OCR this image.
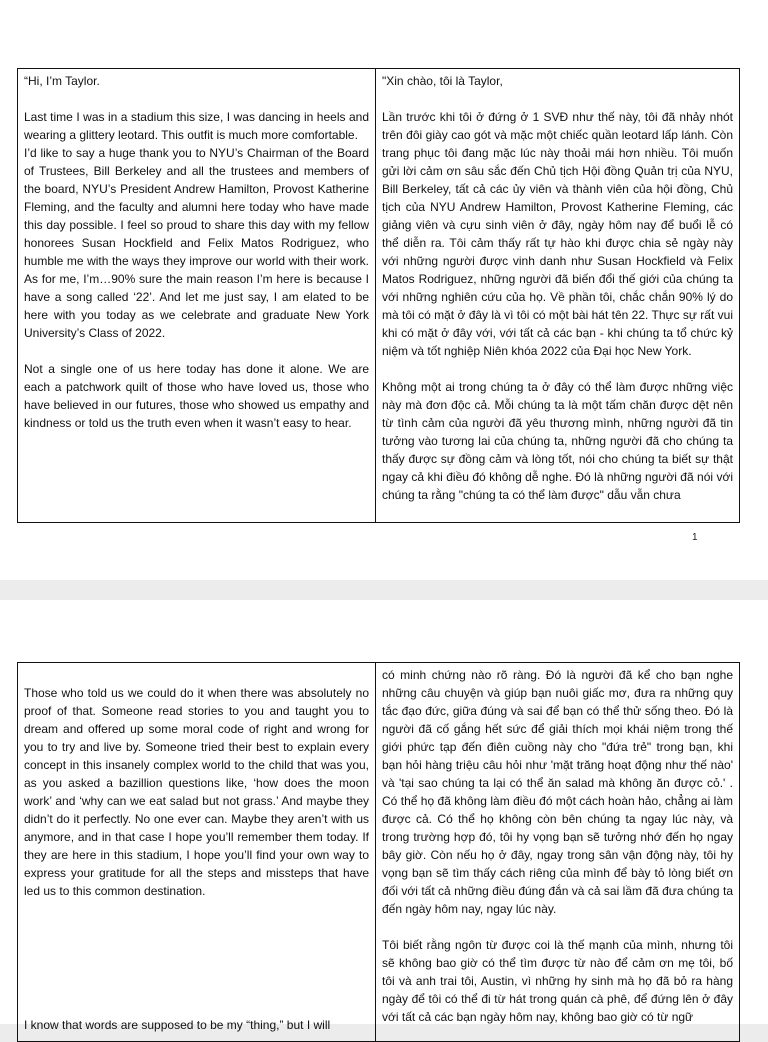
“Hi, I’m Taylor.

Last time I was in a stadium this size, I was dancing in heels and wearing a glittery leotard. This outfit is much more comfortable.

I’d like to say a huge thank you to NYU’s Chairman of the Board of Trustees, Bill Berkeley and all the trustees and members of the board, NYU’s President Andrew Hamilton, Provost Katherine Fleming, and the faculty and alumni here today who have made this day possible. I feel so proud to share this day with my fellow honorees Susan Hockfield and Felix Matos Rodriguez, who humble me with the ways they improve our world with their work. As for me, I’m…90% sure the main reason I’m here is because I have a song called ‘22’. And let me just say, I am elated to be here with you today as we celebrate and graduate New York University’s Class of 2022.

Not a single one of us here today has done it alone. We are each a patchwork quilt of those who have loved us, those who have believed in our futures, those who showed us empathy and kindness or told us the truth even when it wasn’t easy to hear.

"Xin chào, tôi là Taylor,

Lần trước khi tôi ở đứng ở 1 SVĐ như thế này, tôi đã nhảy nhót trên đôi giày cao gót và mặc một chiếc quần leotard lấp lánh. Còn trang phục tôi đang mặc lúc này thoải mái hơn nhiều. Tôi muốn gửi lời cảm ơn sâu sắc đến Chủ tịch Hội đồng Quản trị của NYU, Bill Berkeley, tất cả các ủy viên và thành viên của hội đồng, Chủ tịch của NYU Andrew Hamilton, Provost Katherine Fleming, các giảng viên và cựu sinh viên ở đây, ngày hôm nay để buổi lễ có thể diễn ra. Tôi cảm thấy rất tự hào khi được chia sẻ ngày này với những người được vinh danh như Susan Hockfield và Felix Matos Rodriguez, những người đã biến đổi thế giới của chúng ta với những nghiên cứu của họ. Về phần tôi, chắc chắn 90% lý do mà tôi có mặt ở đây là vì tôi có một bài hát tên 22. Thực sự rất vui khi có mặt ở đây với, với tất cả các bạn - khi chúng ta tổ chức kỷ niệm và tốt nghiệp Niên khóa 2022 của Đại học New York.

Không một ai trong chúng ta ở đây có thể làm được những việc này mà đơn độc cả. Mỗi chúng ta là một tấm chăn được dệt nên từ tình cảm của người đã yêu thương mình, những người đã tin tưởng vào tương lai của chúng ta, những người đã cho chúng ta thấy được sự đồng cảm và lòng tốt, nói cho chúng ta biết sự thật ngay cả khi điều đó không dễ nghe. Đó là những người đã nói với chúng ta rằng "chúng ta có thể làm được" dẫu vẫn chưa

1

Those who told us we could do it when there was absolutely no proof of that. Someone read stories to you and taught you to dream and offered up some moral code of right and wrong for you to try and live by. Someone tried their best to explain every concept in this insanely complex world to the child that was you, as you asked a bazillion questions like, ‘how does the moon work’ and ‘why can we eat salad but not grass.’ And maybe they didn’t do it perfectly. No one ever can. Maybe they aren’t with us anymore, and in that case I hope you’ll remember them today. If they are here in this stadium, I hope you’ll find your own way to express your gratitude for all the steps and missteps that have led us to this common destination.

I know that words are supposed to be my “thing,” but I will

có minh chứng nào rõ ràng. Đó là người đã kể cho bạn nghe những câu chuyện và giúp bạn nuôi giấc mơ, đưa ra những quy tắc đạo đức, giữa đúng và sai để bạn có thể thử sống theo. Đó là người đã cố gắng hết sức để giải thích mọi khái niệm trong thế giới phức tạp đến điên cuồng này cho "đứa trẻ" trong bạn, khi bạn hỏi hàng triệu câu hỏi như 'mặt trăng hoạt động như thế nào' và 'tại sao chúng ta lại có thể ăn salad mà không ăn được cỏ.' . Có thể họ đã không làm điều đó một cách hoàn hảo, chẳng ai làm được cả. Có thể họ không còn bên chúng ta ngay lúc này, và trong trường hợp đó, tôi hy vọng bạn sẽ tưởng nhớ đến họ ngay bây giờ. Còn nếu họ ở đây, ngay trong sân vận động này, tôi hy vọng bạn sẽ tìm thấy cách riêng của mình để bày tỏ lòng biết ơn đối với tất cả những điều đúng đắn và cả sai lầm đã đưa chúng ta đến ngày hôm nay, ngay lúc này.

Tôi biết rằng ngôn từ được coi là thế mạnh của mình, nhưng tôi sẽ không bao giờ có thể tìm được từ nào để cảm ơn mẹ tôi, bố tôi và anh trai tôi, Austin, vì những hy sinh mà họ đã bỏ ra hàng ngày để tôi có thể đi từ hát trong quán cà phê, để đứng lên ở đây với tất cả các bạn ngày hôm nay, không bao giờ có từ ngữ
